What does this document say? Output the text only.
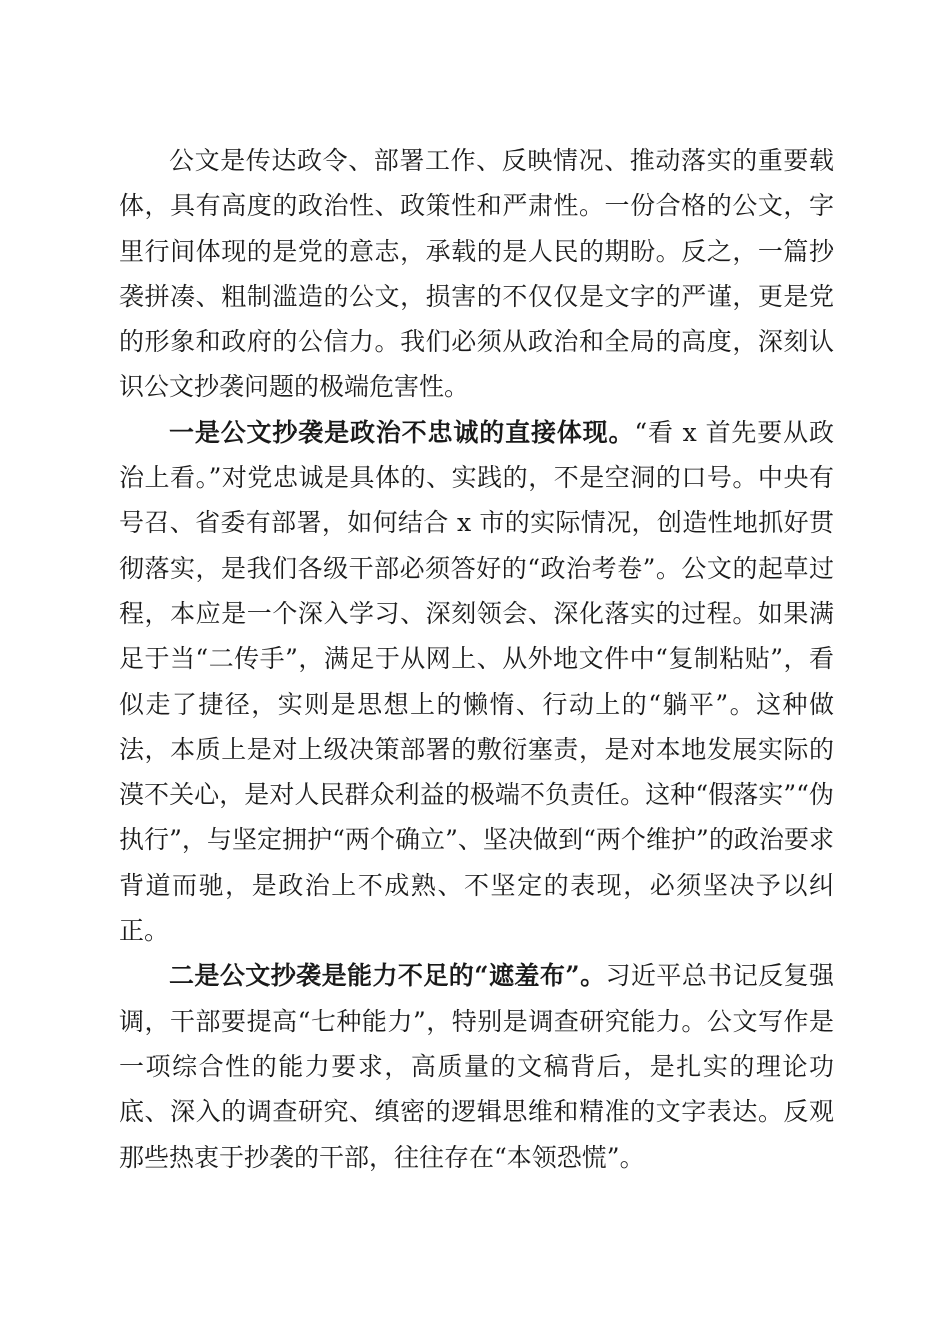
公文是传达政令、部署工作、反映情况、推动落实的重要载体，具有高度的政治性、政策性和严肃性。一份合格的公文，字里行间体现的是党的意志，承载的是人民的期盼。反之，一篇抄袭拼凑、粗制滥造的公文，损害的不仅仅是文字的严谨，更是党的形象和政府的公信力。我们必须从政治和全局的高度，深刻认识公文抄袭问题的极端危害性。

一是公文抄袭是政治不忠诚的直接体现。“看 x 首先要从政治上看。”对党忠诚是具体的、实践的，不是空洞的口号。中央有号召、省委有部署，如何结合 x 市的实际情况，创造性地抓好贯彻落实，是我们各级干部必须答好的“政治考卷”。公文的起草过程，本应是一个深入学习、深刻领会、深化落实的过程。如果满足于当“二传手”，满足于从网上、从外地文件中“复制粘贴”，看似走了捷径，实则是思想上的懒惰、行动上的“躺平”。这种做法，本质上是对上级决策部署的敷衍塞责，是对本地发展实际的漠不关心，是对人民群众利益的极端不负责任。这种“假落实”“伪执行”，与坚定拥护“两个确立”、坚决做到“两个维护”的政治要求背道而驰，是政治上不成熟、不坚定的表现，必须坚决予以纠正。

二是公文抄袭是能力不足的“遮羞布”。习近平总书记反复强调，干部要提高“七种能力”，特别是调查研究能力。公文写作是一项综合性的能力要求，高质量的文稿背后，是扎实的理论功底、深入的调查研究、缜密的逻辑思维和精准的文字表达。反观那些热衷于抄袭的干部，往往存在“本领恐慌”。
